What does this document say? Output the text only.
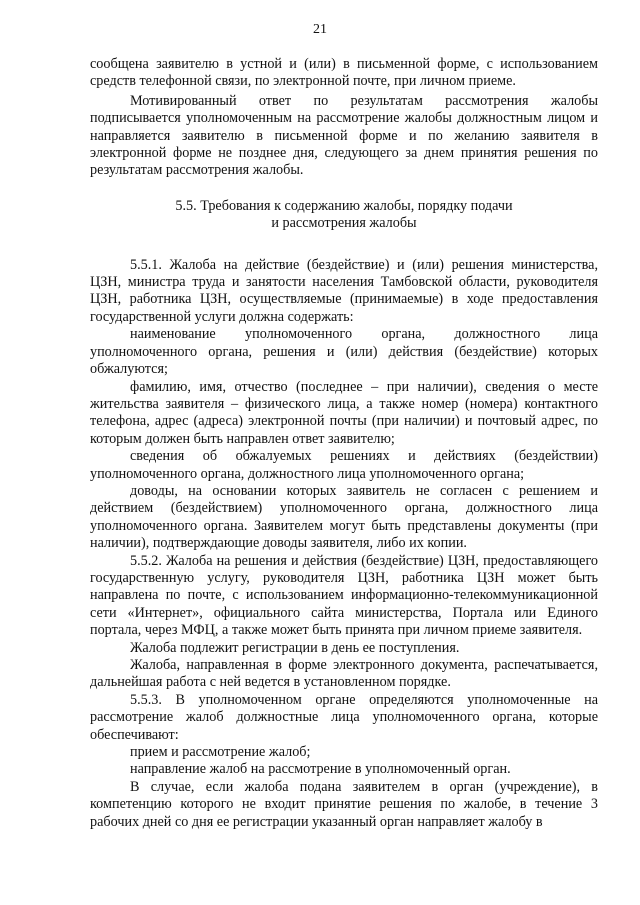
21

сообщена заявителю в устной и (или) в письменной форме, с использованием средств телефонной связи, по электронной почте, при личном приеме.

Мотивированный ответ по результатам рассмотрения жалобы подписывается уполномоченным на рассмотрение жалобы должностным лицом и направляется заявителю в письменной форме и по желанию заявителя в электронной форме не позднее дня, следующего за днем принятия решения по результатам рассмотрения жалобы.

5.5. Требования к содержанию жалобы, порядку подачи
и рассмотрения жалобы

5.5.1. Жалоба на действие (бездействие) и (или) решения министерства, ЦЗН, министра труда и занятости населения Тамбовской области, руководителя ЦЗН, работника ЦЗН, осуществляемые (принимаемые) в ходе предоставления государственной услуги должна содержать:

наименование уполномоченного органа, должностного лица уполномоченного органа, решения и (или) действия (бездействие) которых обжалуются;

фамилию, имя, отчество (последнее – при наличии), сведения о месте жительства заявителя – физического лица, а также номер (номера) контактного телефона, адрес (адреса) электронной почты (при наличии) и почтовый адрес, по которым должен быть направлен ответ заявителю;

сведения об обжалуемых решениях и действиях (бездействии) уполномоченного органа, должностного лица уполномоченного органа;

доводы, на основании которых заявитель не согласен с решением и действием (бездействием) уполномоченного органа, должностного лица уполномоченного органа. Заявителем могут быть представлены документы (при наличии), подтверждающие доводы заявителя, либо их копии.

5.5.2. Жалоба на решения и действия (бездействие) ЦЗН, предоставляющего государственную услугу, руководителя ЦЗН, работника ЦЗН может быть направлена по почте, с использованием информационно-телекоммуникационной сети «Интернет», официального сайта министерства, Портала или Единого портала, через МФЦ, а также может быть принята при личном приеме заявителя.

Жалоба подлежит регистрации в день ее поступления.

Жалоба, направленная в форме электронного документа, распечатывается, дальнейшая работа с ней ведется в установленном порядке.

5.5.3. В уполномоченном органе определяются уполномоченные на рассмотрение жалоб должностные лица уполномоченного органа, которые обеспечивают:

прием и рассмотрение жалоб;

направление жалоб на рассмотрение в уполномоченный орган.

В случае, если жалоба подана заявителем в орган (учреждение), в компетенцию которого не входит принятие решения по жалобе, в течение 3 рабочих дней со дня ее регистрации указанный орган направляет жалобу в
